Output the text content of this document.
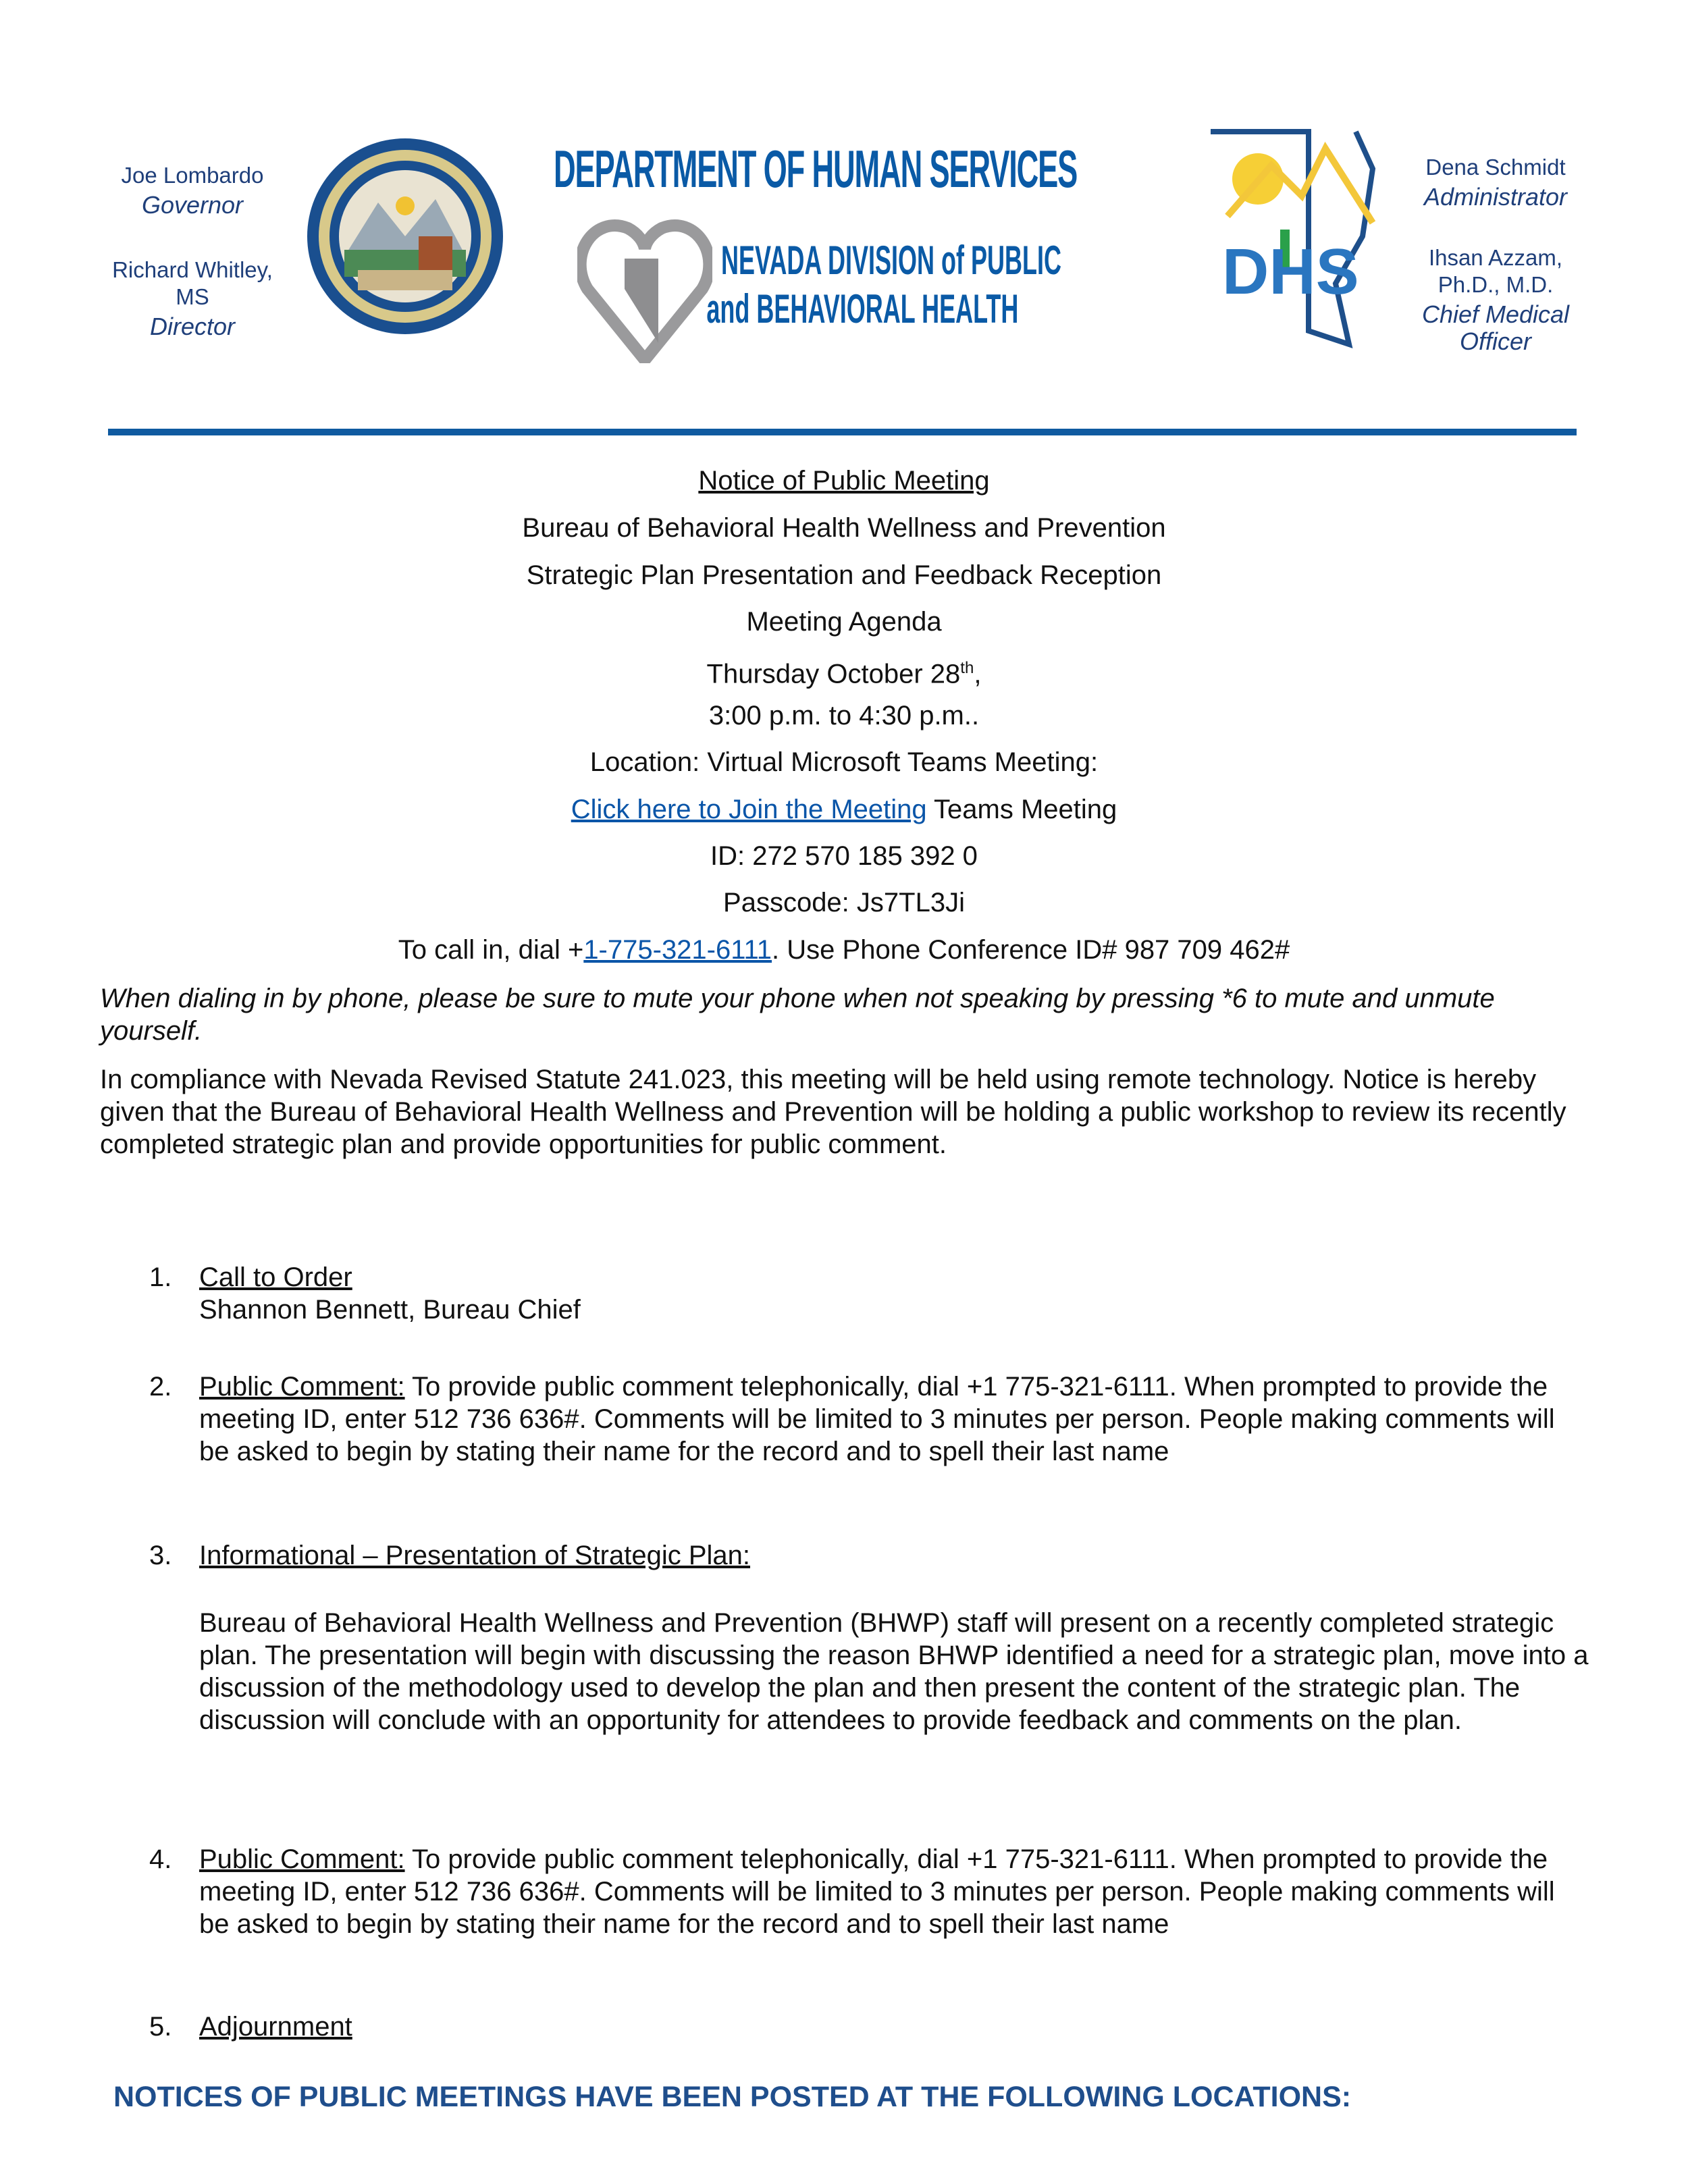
Joe Lombardo
Governor
Richard Whitley, MS
Director
DEPARTMENT OF HUMAN SERVICES
NEVADA DIVISION of PUBLIC
and BEHAVIORAL HEALTH
DHS
Dena Schmidt
Administrator
Ihsan Azzam, Ph.D., M.D.
Chief Medical Officer
Notice of Public Meeting
Bureau of Behavioral Health Wellness and Prevention
Strategic Plan Presentation and Feedback Reception
Meeting Agenda
Thursday October 28th,
3:00 p.m. to 4:30 p.m..
Location: Virtual Microsoft Teams Meeting:
Click here to Join the Meeting Teams Meeting
ID: 272 570 185 392 0
Passcode: Js7TL3Ji
To call in, dial +1-775-321-6111. Use Phone Conference ID# 987 709 462#
When dialing in by phone, please be sure to mute your phone when not speaking by pressing *6 to mute and unmute yourself.
In compliance with Nevada Revised Statute 241.023, this meeting will be held using remote technology. Notice is hereby given that the Bureau of Behavioral Health Wellness and Prevention will be holding a public workshop to review its recently completed strategic plan and provide opportunities for public comment.
1. Call to Order
Shannon Bennett, Bureau Chief
2. Public Comment: To provide public comment telephonically, dial +1 775-321-6111. When prompted to provide the meeting ID, enter 512 736 636#. Comments will be limited to 3 minutes per person. People making comments will be asked to begin by stating their name for the record and to spell their last name
3. Informational – Presentation of Strategic Plan:
Bureau of Behavioral Health Wellness and Prevention (BHWP) staff will present on a recently completed strategic plan. The presentation will begin with discussing the reason BHWP identified a need for a strategic plan, move into a discussion of the methodology used to develop the plan and then present the content of the strategic plan. The discussion will conclude with an opportunity for attendees to provide feedback and comments on the plan.
4. Public Comment: To provide public comment telephonically, dial +1 775-321-6111. When prompted to provide the meeting ID, enter 512 736 636#. Comments will be limited to 3 minutes per person. People making comments will be asked to begin by stating their name for the record and to spell their last name
5. Adjournment
NOTICES OF PUBLIC MEETINGS HAVE BEEN POSTED AT THE FOLLOWING LOCATIONS:
